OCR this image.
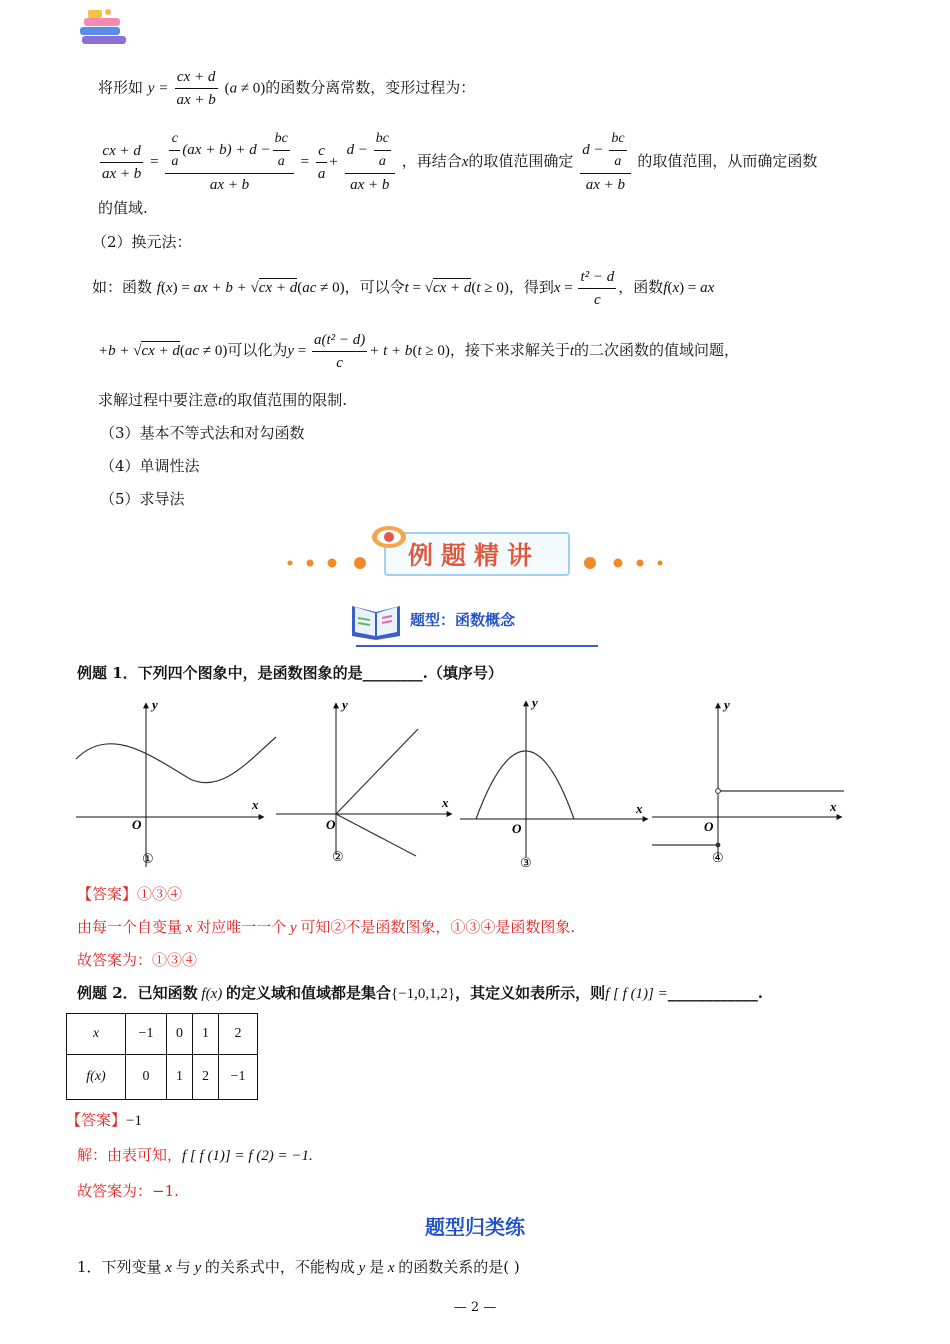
将形如 $y = \frac{cx + d}{ax + b} (a \ne 0)$的函数分离常数，变形过程为：
$\frac{cx + d}{ax + b} = \frac{\frac{c}{a} (ax + b) + d - \frac{bc}{a}}{ax + b} = \frac{c}{a} + \frac{d - \frac{bc}{a}}{ax + b}$ ，再结合x的取值范围确定 $\frac{d - \frac{bc}{a}}{ax + b}$ 的取值范围，从而确定函数
的值域.
（2）换元法：
如：函数 f(x) = ax + b + √cx + d(ac ≠ 0)，可以令t = √cx + d(t ≥ 0)，得到$x = \frac{\text{t² − d}}{c}$ ，函数f(x) = ax
+b + √cx + d(ac ≠ 0)可以化为$y = \frac{\text{a(t² − d)}}{c} + t + b(t \ge 0)$，接下来求解关于t的二次函数的值域问题，
求解过程中要注意t的取值范围的限制.
（3）基本不等式法和对勾函数
（4）单调性法
（5）求导法
例题精讲
题型：函数概念
例题 1．下列四个图象中，是函数图象的是________.（填序号）
y
x
O
①
y
x
O
②
y
x
O
③
y
x
O
④
【答案】①③④
由每一个自变量 x 对应唯一一个 y 可知②不是函数图象，①③④是函数图象.
故答案为：①③④
例题 2．已知函数 f(x) 的定义域和值域都是集合{−1,0,1,2}，其定义如表所示，则f [ f (1)] =____________.
x	−1	0	1	2
f(x)	0	1	2	−1
【答案】−1
解：由表可知，f [ f (1)] = f (2) = −1.
故答案为：−1.
题型归类练
1．下列变量 x 与 y 的关系式中，不能构成 y 是 x 的函数关系的是( )
— 2 —
